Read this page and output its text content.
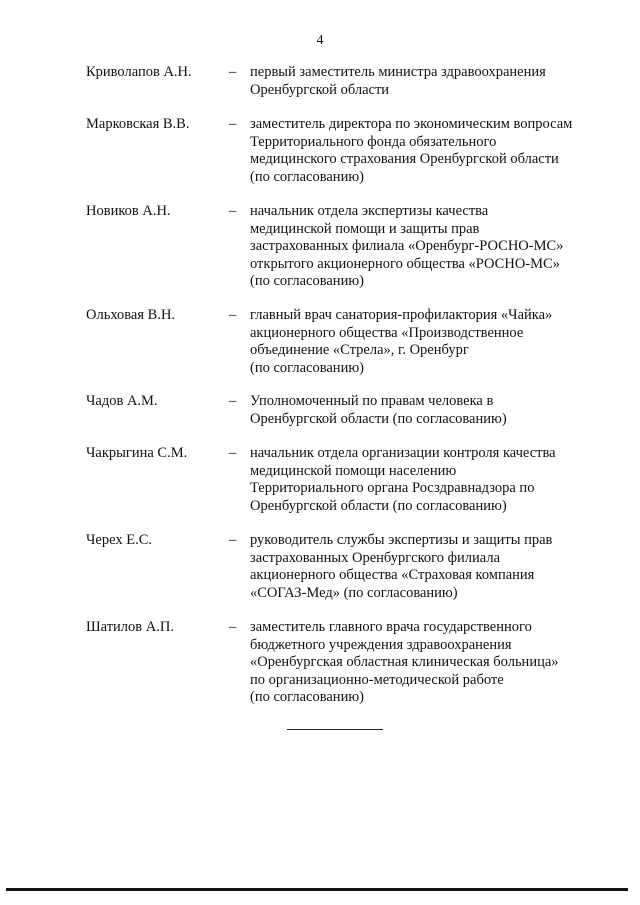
4
Криволапов А.Н.	– первый заместитель министра здравоохранения
Оренбургской области
Марковская В.В.	– заместитель директора по экономическим вопросам
Территориального фонда обязательного
медицинского страхования Оренбургской области
(по согласованию)
Новиков А.Н.	– начальник отдела экспертизы качества
медицинской помощи и защиты прав
застрахованных филиала «Оренбург-РОСНО-МС»
открытого акционерного общества «РОСНО-МС»
(по согласованию)
Ольховая В.Н.	– главный врач санатория-профилактория «Чайка»
акционерного общества «Производственное
объединение «Стрела», г. Оренбург
(по согласованию)
Чадов А.М.	– Уполномоченный по правам человека в
Оренбургской области (по согласованию)
Чакрыгина С.М.	– начальник отдела организации контроля качества
медицинской помощи населению
Территориального органа Росздравнадзора по
Оренбургской области (по согласованию)
Черех Е.С.	– руководитель службы экспертизы и защиты прав
застрахованных Оренбургского филиала
акционерного общества «Страховая компания
«СОГАЗ-Мед» (по согласованию)
Шатилов А.П.	– заместитель главного врача государственного
бюджетного учреждения здравоохранения
«Оренбургская областная клиническая больница»
по организационно-методической работе
(по согласованию)
